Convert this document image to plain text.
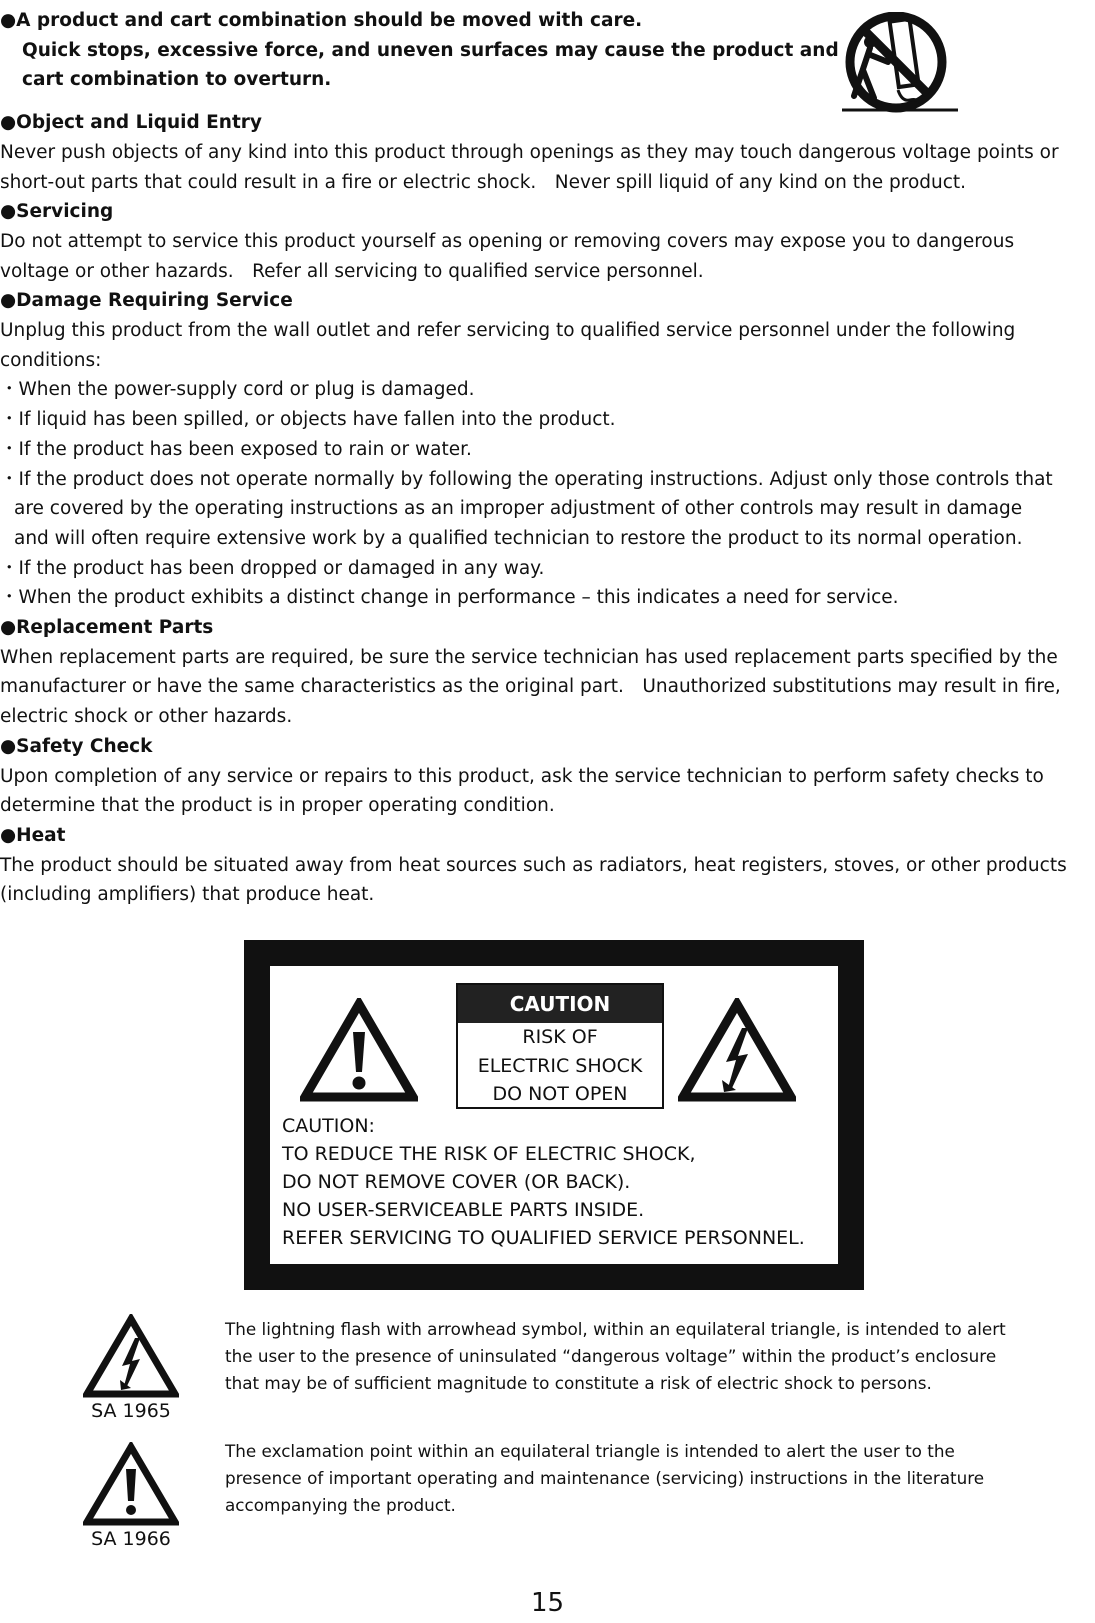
●A product and cart combination should be moved with care.
Quick stops, excessive force, and uneven surfaces may cause the product and
cart combination to overturn.
●Object and Liquid Entry
Never push objects of any kind into this product through openings as they may touch dangerous voltage points or
short-out parts that could result in a fire or electric shock.　Never spill liquid of any kind on the product.
●Servicing
Do not attempt to service this product yourself as opening or removing covers may expose you to dangerous
voltage or other hazards.　Refer all servicing to qualified service personnel.
●Damage Requiring Service
Unplug this product from the wall outlet and refer servicing to qualified service personnel under the following
conditions:
・When the power-supply cord or plug is damaged.
・If liquid has been spilled, or objects have fallen into the product.
・If the product has been exposed to rain or water.
・If the product does not operate normally by following the operating instructions. Adjust only those controls that
are covered by the operating instructions as an improper adjustment of other controls may result in damage
and will often require extensive work by a qualified technician to restore the product to its normal operation.
・If the product has been dropped or damaged in any way.
・When the product exhibits a distinct change in performance – this indicates a need for service.
●Replacement Parts
When replacement parts are required, be sure the service technician has used replacement parts specified by the
manufacturer or have the same characteristics as the original part.　Unauthorized substitutions may result in fire,
electric shock or other hazards.
●Safety Check
Upon completion of any service or repairs to this product, ask the service technician to perform safety checks to
determine that the product is in proper operating condition.
●Heat
The product should be situated away from heat sources such as radiators, heat registers, stoves, or other products
(including amplifiers) that produce heat.
CAUTION
RISK OF
ELECTRIC SHOCK
DO NOT OPEN
CAUTION:
TO REDUCE THE RISK OF ELECTRIC SHOCK,
DO NOT REMOVE COVER (OR BACK).
NO USER-SERVICEABLE PARTS INSIDE.
REFER SERVICING TO QUALIFIED SERVICE PERSONNEL.
SA 1965
The lightning flash with arrowhead symbol, within an equilateral triangle, is intended to alert
the user to the presence of uninsulated “dangerous voltage” within the product’s enclosure
that may be of sufficient magnitude to constitute a risk of electric shock to persons.
SA 1966
The exclamation point within an equilateral triangle is intended to alert the user to the
presence of important operating and maintenance (servicing) instructions in the literature
accompanying the product.
15
